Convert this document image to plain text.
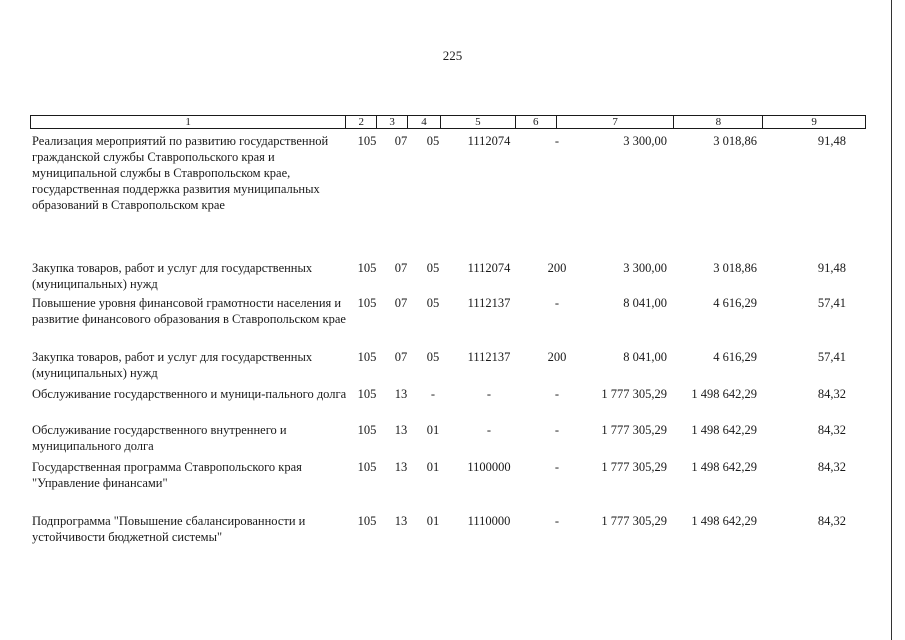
225
1	2	3	4	5	6	7	8	9
Реализация мероприятий по развитию государственной гражданской службы Ставропольского края и муниципальной службы в Ставропольском крае, государственная поддержка развития муниципальных образований в Ставропольском крае
105	07	05	1112074	-	3 300,00	3 018,86	91,48
Закупка товаров, работ и услуг для государственных (муниципальных) нужд
105	07	05	1112074	200	3 300,00	3 018,86	91,48
Повышение уровня финансовой грамотности населения и развитие финансового образования в Ставропольском крае
105	07	05	1112137	-	8 041,00	4 616,29	57,41
Закупка товаров, работ и услуг для государственных (муниципальных) нужд
105	07	05	1112137	200	8 041,00	4 616,29	57,41
Обслуживание государственного и муници-пального долга 105	13	-	-	-	1 777 305,29	1 498 642,29	84,32
Обслуживание государственного внутреннего и муниципального долга
105	13	01	-	-	1 777 305,29	1 498 642,29	84,32
Государственная программа Ставропольского края "Управление финансами"
105	13	01	1100000	-	1 777 305,29	1 498 642,29	84,32
Подпрограмма "Повышение сбалансированности и устойчивости бюджетной системы"
105	13	01	1110000	-	1 777 305,29	1 498 642,29	84,32
